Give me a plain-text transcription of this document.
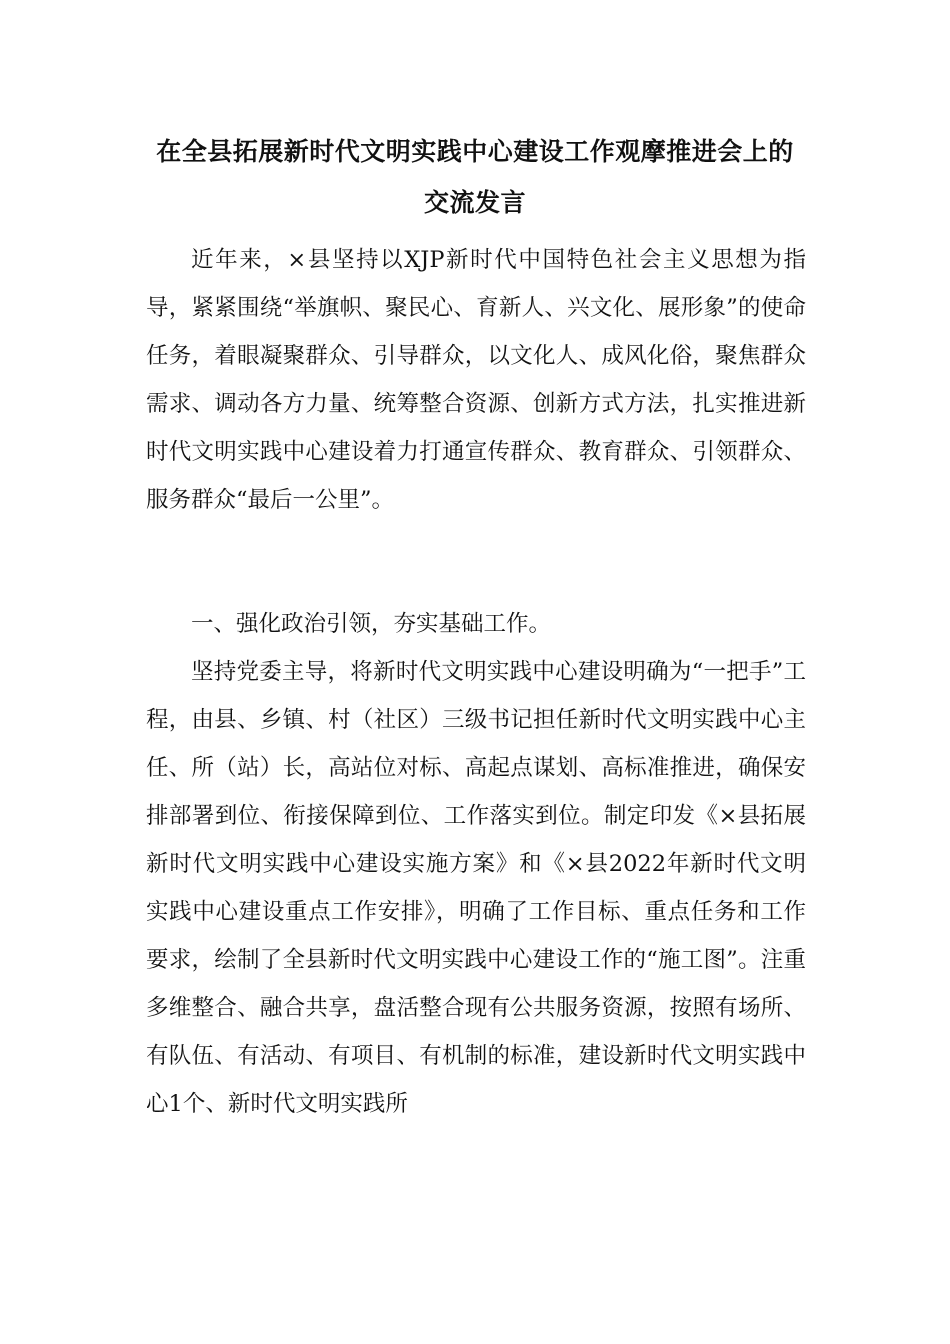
在全县拓展新时代文明实践中心建设工作观摩推进会上的
交流发言

近年来，×县坚持以XJP新时代中国特色社会主义思想为指导，紧紧围绕“举旗帜、聚民心、育新人、兴文化、展形象”的使命任务，着眼凝聚群众、引导群众，以文化人、成风化俗，聚焦群众需求、调动各方力量、统筹整合资源、创新方式方法，扎实推进新时代文明实践中心建设着力打通宣传群众、教育群众、引领群众、服务群众“最后一公里”。

一、强化政治引领，夯实基础工作。

坚持党委主导，将新时代文明实践中心建设明确为“一把手”工程，由县、乡镇、村（社区）三级书记担任新时代文明实践中心主任、所（站）长，高站位对标、高起点谋划、高标准推进，确保安排部署到位、衔接保障到位、工作落实到位。制定印发《×县拓展新时代文明实践中心建设实施方案》和《×县2022年新时代文明实践中心建设重点工作安排》，明确了工作目标、重点任务和工作要求，绘制了全县新时代文明实践中心建设工作的“施工图”。注重多维整合、融合共享，盘活整合现有公共服务资源，按照有场所、有队伍、有活动、有项目、有机制的标准，建设新时代文明实践中心1个、新时代文明实践所
